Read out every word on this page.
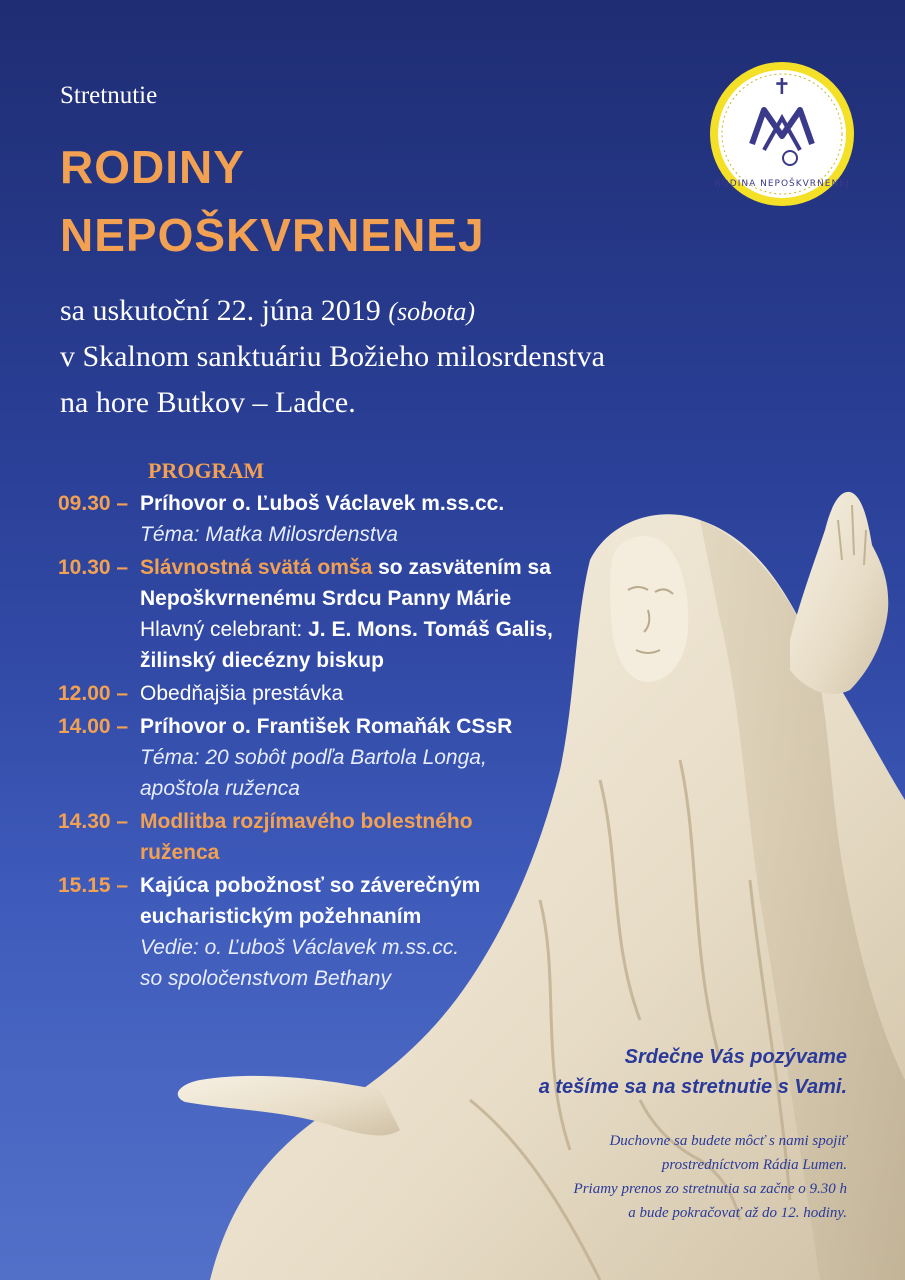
✝
RODINA NEPOŠKVRNENEJ
Stretnutie
RODINY
NEPOŠKVRNENEJ
sa uskutoční 22. júna 2019 (sobota)
v Skalnom sanktuáriu Božieho milosrdenstva
na hore Butkov – Ladce.
PROGRAM
09.30 – Príhovor o. Ľuboš Václavek m.ss.cc.
Téma: Matka Milosrdenstva
10.30 – Slávnostná svätá omša so zasvätením sa
Nepoškvrnenému Srdcu Panny Márie
Hlavný celebrant: J. E. Mons. Tomáš Galis,
žilinský diecézny biskup
12.00 – Obedňajšia prestávka
14.00 – Príhovor o. František Romaňák CSsR
Téma: 20 sobôt podľa Bartola Longa,
apoštola ruženca
14.30 – Modlitba rozjímavého bolestného
ruženca
15.15 – Kajúca pobožnosť so záverečným
eucharistickým požehnaním
Vedie: o. Ľuboš Václavek m.ss.cc.
so spoločenstvom Bethany
Srdečne Vás pozývame
a tešíme sa na stretnutie s Vami.
Duchovne sa budete môcť s nami spojiť
prostredníctvom Rádia Lumen.
Priamy prenos zo stretnutia sa začne o 9.30 h
a bude pokračovať až do 12. hodiny.
